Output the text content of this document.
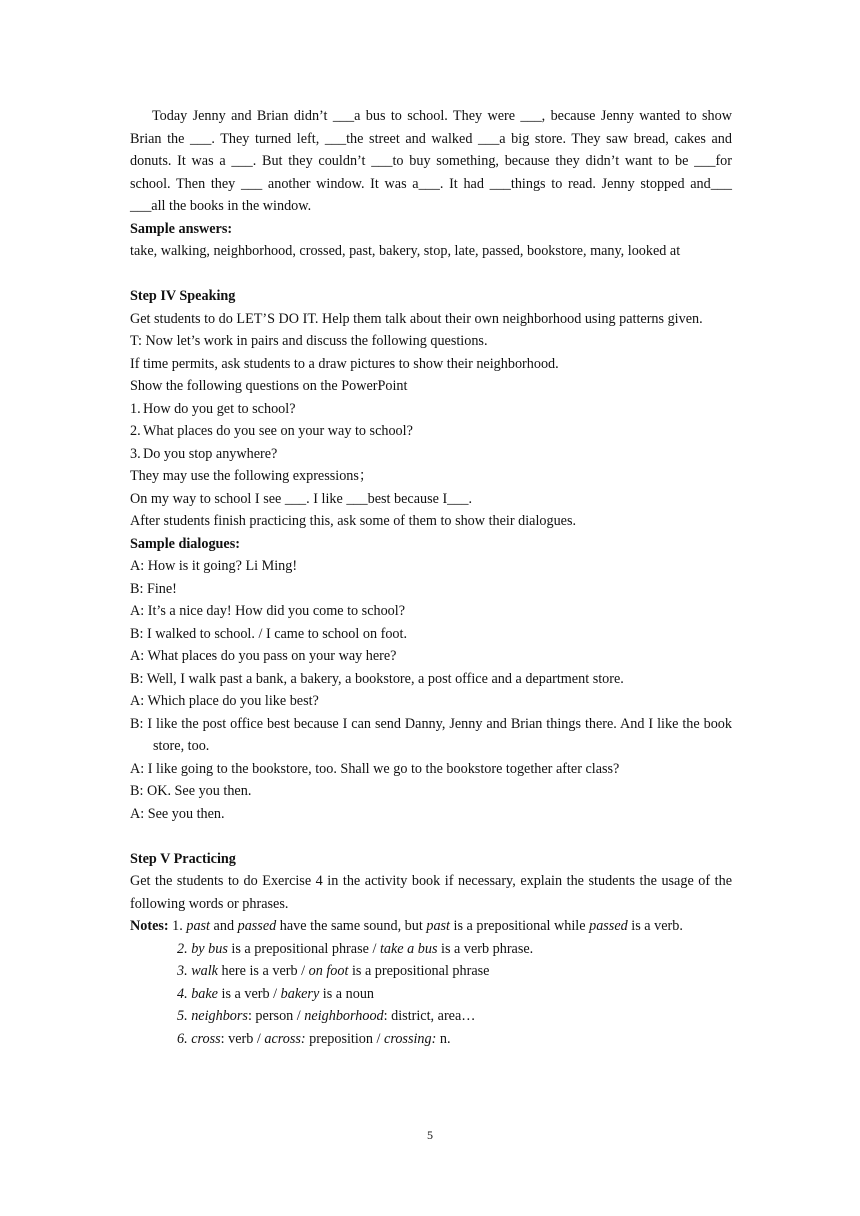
Today Jenny and Brian didn’t ___a bus to school. They were ___, because Jenny wanted to show Brian the ___. They turned left, ___the street and walked ___a big store. They saw bread, cakes and donuts. It was a ___. But they couldn’t ___to buy something, because they didn’t want to be ___for school. Then they ___ another window. It was a___. It had ___things to read. Jenny stopped and___ ___all the books in the window.

Sample answers:

take, walking, neighborhood, crossed, past, bakery, stop, late, passed, bookstore, many, looked at

Step IV Speaking

Get students to do LET’S DO IT. Help them talk about their own neighborhood using patterns given.

T: Now let’s work in pairs and discuss the following questions.

If time permits, ask students to a draw pictures to show their neighborhood.

Show the following questions on the PowerPoint

1. How do you get to school?

2. What places do you see on your way to school?

3. Do you stop anywhere?

They may use the following expressions；

On my way to school I see ___. I like ___best because I___.

After students finish practicing this, ask some of them to show their dialogues.

Sample dialogues:

A: How is it going? Li Ming!

B: Fine!

A: It’s a nice day! How did you come to school?

B: I walked to school. / I came to school on foot.

A: What places do you pass on your way here?

B: Well, I walk past a bank, a bakery, a bookstore, a post office and a department store.

A: Which place do you like best?

B: I like the post office best because I can send Danny, Jenny and Brian things there. And I like the book store, too.

A: I like going to the bookstore, too. Shall we go to the bookstore together after class?

B: OK. See you then.

A: See you then.

Step V Practicing

Get the students to do Exercise 4 in the activity book if necessary, explain the students the usage of the following words or phrases.

Notes: 1. past and passed have the same sound, but past is a prepositional while passed is a verb.

2. by bus is a prepositional phrase / take a bus is a verb phrase.

3. walk here is a verb / on foot is a prepositional phrase

4. bake is a verb / bakery is a noun

5. neighbors: person / neighborhood: district, area…

6. cross: verb / across: preposition / crossing: n.

5
